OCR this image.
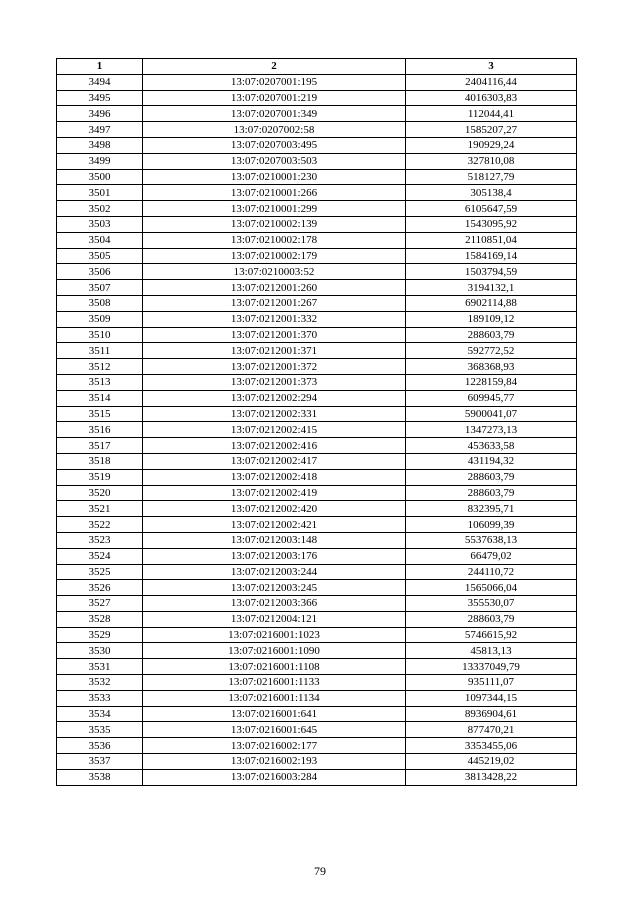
1	2	3
3494	13:07:0207001:195	2404116,44
3495	13:07:0207001:219	4016303,83
3496	13:07:0207001:349	112044,41
3497	13:07:0207002:58	1585207,27
3498	13:07:0207003:495	190929,24
3499	13:07:0207003:503	327810,08
3500	13:07:0210001:230	518127,79
3501	13:07:0210001:266	305138,4
3502	13:07:0210001:299	6105647,59
3503	13:07:0210002:139	1543095,92
3504	13:07:0210002:178	2110851,04
3505	13:07:0210002:179	1584169,14
3506	13:07:0210003:52	1503794,59
3507	13:07:0212001:260	3194132,1
3508	13:07:0212001:267	6902114,88
3509	13:07:0212001:332	189109,12
3510	13:07:0212001:370	288603,79
3511	13:07:0212001:371	592772,52
3512	13:07:0212001:372	368368,93
3513	13:07:0212001:373	1228159,84
3514	13:07:0212002:294	609945,77
3515	13:07:0212002:331	5900041,07
3516	13:07:0212002:415	1347273,13
3517	13:07:0212002:416	453633,58
3518	13:07:0212002:417	431194,32
3519	13:07:0212002:418	288603,79
3520	13:07:0212002:419	288603,79
3521	13:07:0212002:420	832395,71
3522	13:07:0212002:421	106099,39
3523	13:07:0212003:148	5537638,13
3524	13:07:0212003:176	66479,02
3525	13:07:0212003:244	244110,72
3526	13:07:0212003:245	1565066,04
3527	13:07:0212003:366	355530,07
3528	13:07:0212004:121	288603,79
3529	13:07:0216001:1023	5746615,92
3530	13:07:0216001:1090	45813,13
3531	13:07:0216001:1108	13337049,79
3532	13:07:0216001:1133	935111,07
3533	13:07:0216001:1134	1097344,15
3534	13:07:0216001:641	8936904,61
3535	13:07:0216001:645	877470,21
3536	13:07:0216002:177	3353455,06
3537	13:07:0216002:193	445219,02
3538	13:07:0216003:284	3813428,22
79
